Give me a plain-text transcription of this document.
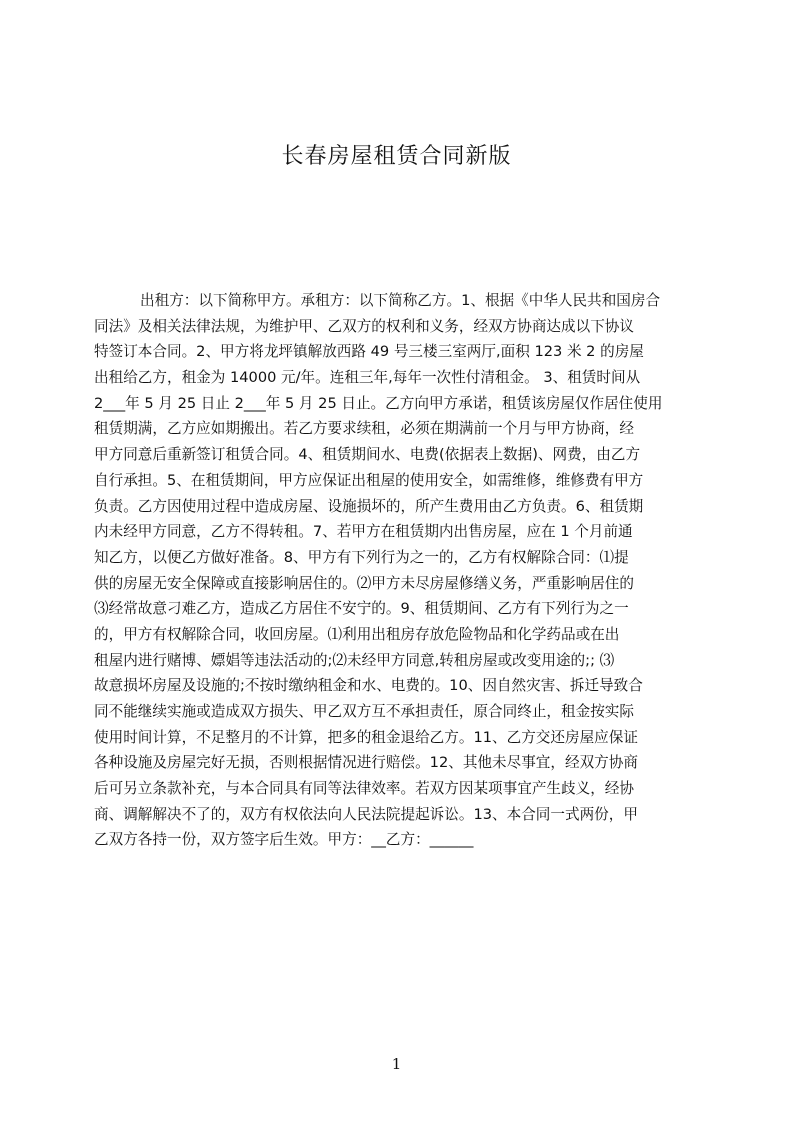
长春房屋租赁合同新版
出租方：以下简称甲方。承租方：以下简称乙方。1、根据《中华人民共和国房合
同法》及相关法律法规，为维护甲、乙双方的权利和义务，经双方协商达成以下协议
特签订本合同。2、甲方将龙坪镇解放西路 49 号三楼三室两厅,面积 123 米 2 的房屋
出租给乙方，租金为 14000 元/年。连租三年,每年一次性付清租金。 3、租赁时间从
2___年 5 月 25 日止 2___年 5 月 25 日止。乙方向甲方承诺，租赁该房屋仅作居住使用
租赁期满，乙方应如期搬出。若乙方要求续租，必须在期满前一个月与甲方协商，经
甲方同意后重新签订租赁合同。4、租赁期间水、电费(依据表上数据)、网费，由乙方
自行承担。5、在租赁期间，甲方应保证出租屋的使用安全，如需维修，维修费有甲方
负责。乙方因使用过程中造成房屋、设施损坏的，所产生费用由乙方负责。6、租赁期
内未经甲方同意，乙方不得转租。7、若甲方在租赁期内出售房屋，应在 1 个月前通
知乙方，以便乙方做好准备。8、甲方有下列行为之一的，乙方有权解除合同：⑴提
供的房屋无安全保障或直接影响居住的。⑵甲方未尽房屋修缮义务，严重影响居住的
⑶经常故意刁难乙方，造成乙方居住不安宁的。9、租赁期间、乙方有下列行为之一
的，甲方有权解除合同，收回房屋。⑴利用出租房存放危险物品和化学药品或在出
租屋内进行赌博、嫖娼等违法活动的;⑵未经甲方同意,转租房屋或改变用途的;; ⑶
故意损坏房屋及设施的;不按时缴纳租金和水、电费的。10、因自然灾害、拆迁导致合
同不能继续实施或造成双方损失、甲乙双方互不承担责任，原合同终止，租金按实际
使用时间计算，不足整月的不计算，把多的租金退给乙方。11、乙方交还房屋应保证
各种设施及房屋完好无损，否则根据情况进行赔偿。12、其他未尽事宜，经双方协商
后可另立条款补充，与本合同具有同等法律效率。若双方因某项事宜产生歧义，经协
商、调解解决不了的，双方有权依法向人民法院提起诉讼。13、本合同一式两份，甲
乙双方各持一份，双方签字后生效。甲方：__乙方：______
1
